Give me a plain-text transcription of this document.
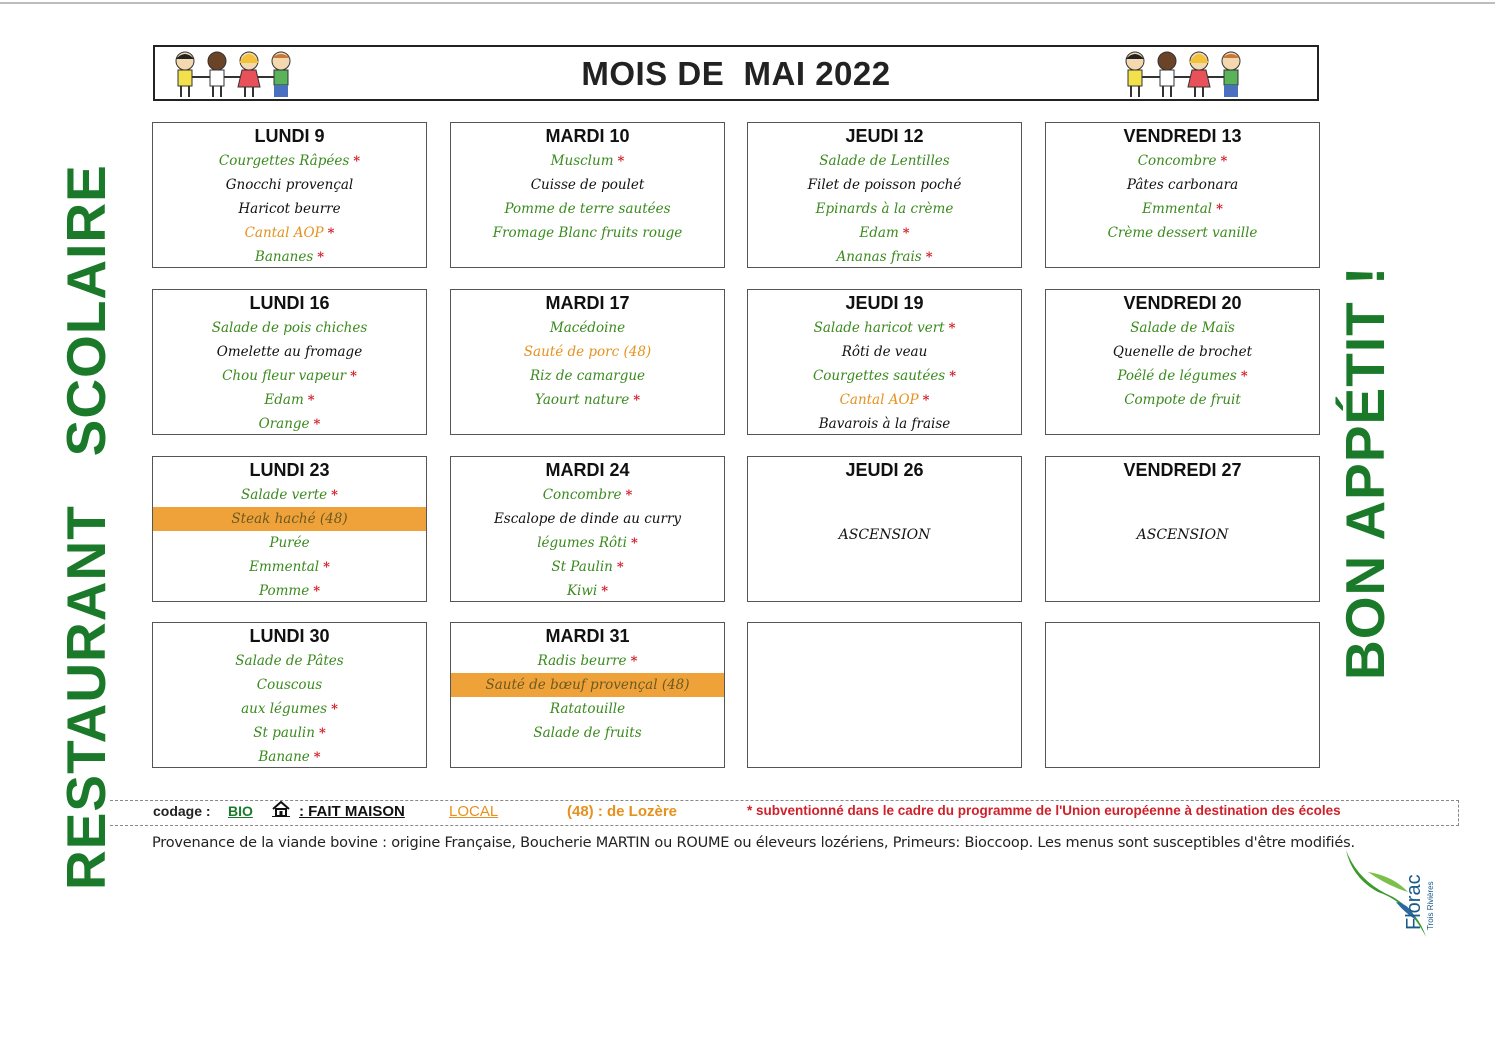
MOIS DE  MAI 2022
RESTAURANT   SCOLAIRE	BON APPÉTIT !
LUNDI 9
Courgettes Râpées *
Gnocchi provençal
Haricot beurre
Cantal AOP *
Bananes *
MARDI 10
Musclum *
Cuisse de poulet
Pomme de terre sautées
Fromage Blanc fruits rouge
JEUDI 12
Salade de Lentilles
Filet de poisson poché
Epinards à la crème
Edam *
Ananas frais *
VENDREDI 13
Concombre *
Pâtes carbonara
Emmental *
Crème dessert vanille
LUNDI 16
Salade de pois chiches
Omelette au fromage
Chou fleur vapeur *
Edam *
Orange *
MARDI 17
Macédoine
Sauté de porc (48)
Riz de camargue
Yaourt nature *
JEUDI 19
Salade haricot vert *
Rôti de veau
Courgettes sautées *
Cantal AOP *
Bavarois à la fraise
VENDREDI 20
Salade de Maïs
Quenelle de brochet
Poêlé de légumes *
Compote de fruit
LUNDI 23
Salade verte *
Steak haché (48)
Purée
Emmental *
Pomme *
MARDI 24
Concombre *
Escalope de dinde au curry
légumes Rôti *
St Paulin *
Kiwi *
JEUDI 26
ASCENSION
VENDREDI 27
ASCENSION
LUNDI 30
Salade de Pâtes
Couscous
aux légumes *
St paulin *
Banane *
MARDI 31
Radis beurre *
Sauté de bœuf provençal (48)
Ratatouille
Salade de fruits
codage : BIO	: FAIT MAISON	LOCAL	(48) : de Lozère	* subventionné dans le cadre du programme de l'Union européenne à destination des écoles
Provenance de la viande bovine : origine Française, Boucherie MARTIN ou ROUME ou éleveurs lozériens, Primeurs: Bioccoop. Les menus sont susceptibles d'être modifiés.
Florac Trois Rivières
